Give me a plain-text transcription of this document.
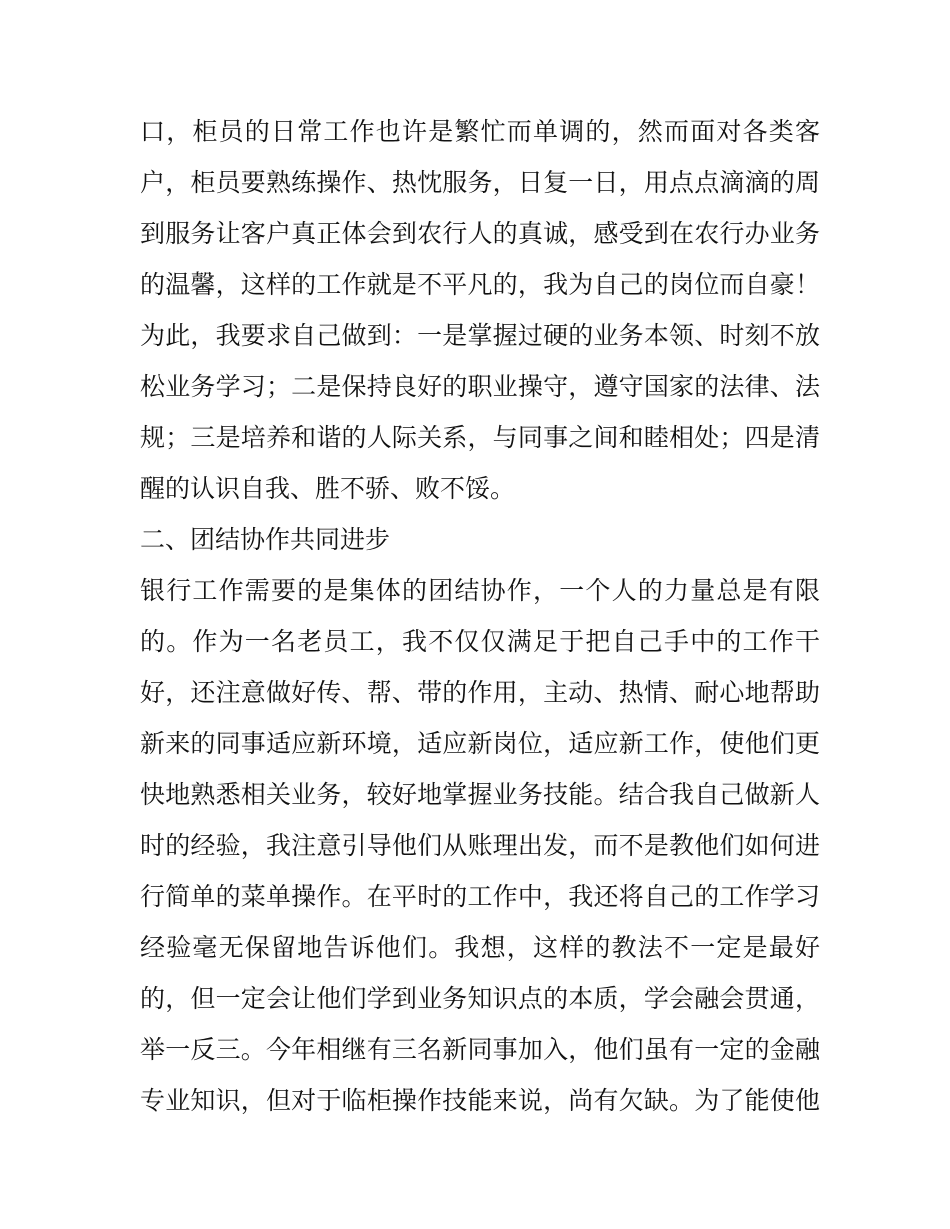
口，柜员的日常工作也许是繁忙而单调的，然而面对各类客
户，柜员要熟练操作、热忱服务，日复一日，用点点滴滴的周
到服务让客户真正体会到农行人的真诚，感受到在农行办业务
的温馨，这样的工作就是不平凡的，我为自己的岗位而自豪！
为此，我要求自己做到：一是掌握过硬的业务本领、时刻不放
松业务学习；二是保持良好的职业操守，遵守国家的法律、法
规；三是培养和谐的人际关系，与同事之间和睦相处；四是清
醒的认识自我、胜不骄、败不馁。
二、团结协作共同进步
银行工作需要的是集体的团结协作，一个人的力量总是有限
的。作为一名老员工，我不仅仅满足于把自己手中的工作干
好，还注意做好传、帮、带的作用，主动、热情、耐心地帮助
新来的同事适应新环境，适应新岗位，适应新工作，使他们更
快地熟悉相关业务，较好地掌握业务技能。结合我自己做新人
时的经验，我注意引导他们从账理出发，而不是教他们如何进
行简单的菜单操作。在平时的工作中，我还将自己的工作学习
经验毫无保留地告诉他们。我想，这样的教法不一定是最好
的，但一定会让他们学到业务知识点的本质，学会融会贯通，
举一反三。今年相继有三名新同事加入，他们虽有一定的金融
专业知识，但对于临柜操作技能来说，尚有欠缺。为了能使他
